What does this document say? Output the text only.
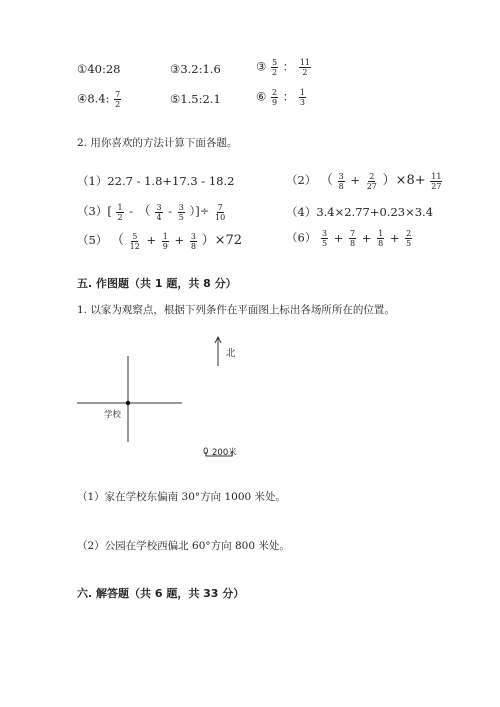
①40:28	③3.2:1.6	③ $\frac{5}{2}$ ： $\frac{11}{2}$
④8.4: $\frac{7}{2}$	⑤1.5:2.1	⑥ $\frac{2}{9}$ ： $\frac{1}{3}$
2. 用你喜欢的方法计算下面各题。
（1）22.7 - 1.8+17.3 - 18.2	（2） （ $\frac{3}{8} + \frac{2}{27} )\times 8+ \frac{11}{27}$
$(3)[ \frac{1}{2}$ - （ $\frac{3}{4} - \frac{3}{5}$ ）]÷ $\frac{7}{10}$	（4）3.4×2.77+0.23×3.4
（5） （ $\frac{5}{12} + \frac{1}{9} + \frac{3}{8} )\times 72$	$(6) \frac{3}{5} + \frac{7}{8} + \frac{1}{8} + \frac{2}{5}$
五. 作图题（共 1 题，共 8 分）
1. 以家为观察点，根据下列条件在平面图上标出各场所所在的位置。
北
学校
0 200米
（1）家在学校东偏南 30°方向 1000 米处。
（2）公园在学校西偏北 60°方向 800 米处。
六. 解答题（共 6 题，共 33 分）
